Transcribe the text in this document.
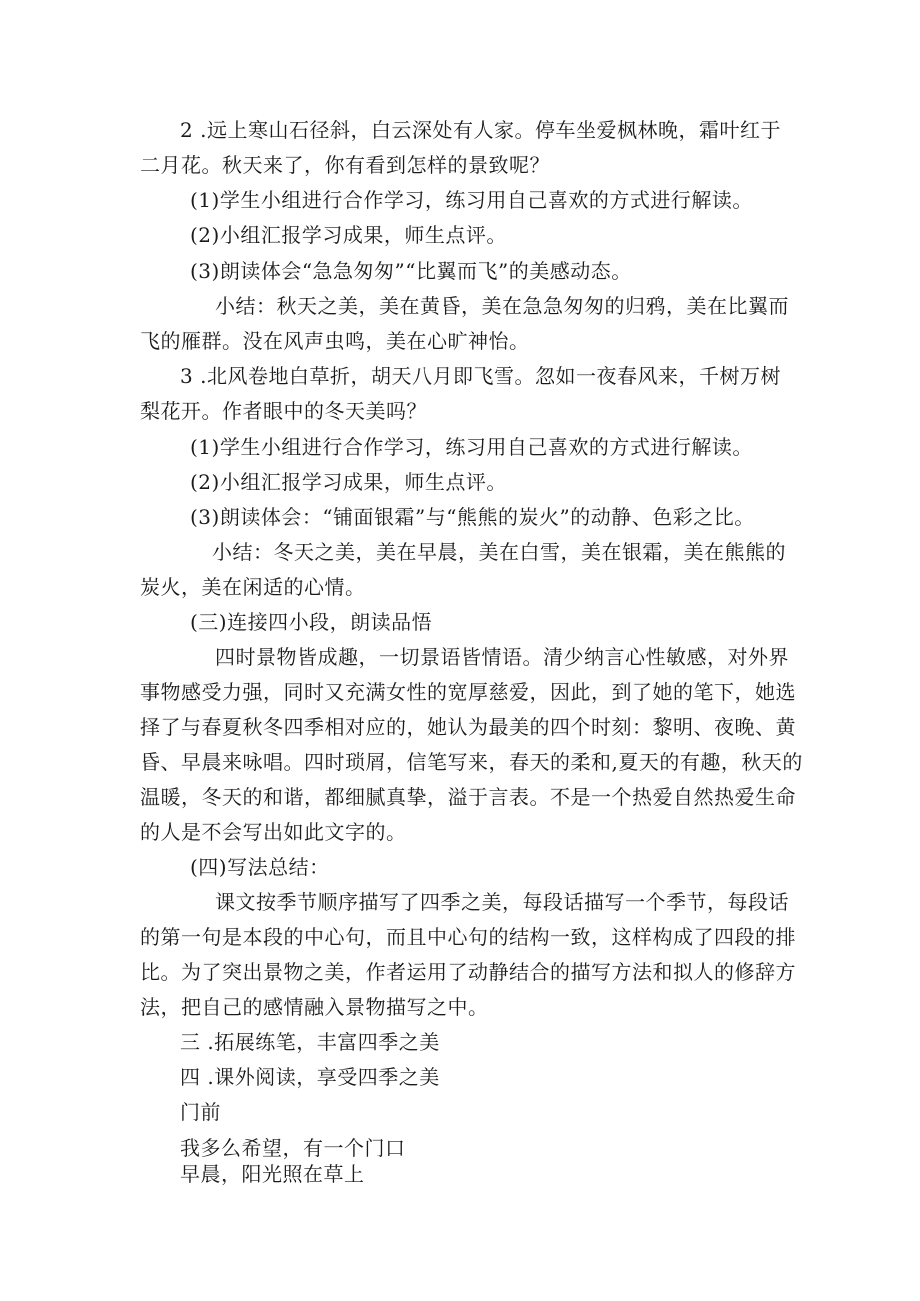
2 .远上寒山石径斜，白云深处有人家。停车坐爱枫林晚，霜叶红于
二月花。秋天来了，你有看到怎样的景致呢？
(1)学生小组进行合作学习，练习用自己喜欢的方式进行解读。
(2)小组汇报学习成果，师生点评。
(3)朗读体会“急急匆匆”“比翼而飞”的美感动态。
小结：秋天之美，美在黄昏，美在急急匆匆的归鸦，美在比翼而
飞的雁群。没在风声虫鸣，美在心旷神怡。
3 .北风卷地白草折，胡天八月即飞雪。忽如一夜春风来，千树万树
梨花开。作者眼中的冬天美吗？
(1)学生小组进行合作学习，练习用自己喜欢的方式进行解读。
(2)小组汇报学习成果，师生点评。
(3)朗读体会：“铺面银霜”与“熊熊的炭火”的动静、色彩之比。
小结：冬天之美，美在早晨，美在白雪，美在银霜，美在熊熊的
炭火，美在闲适的心情。
(三)连接四小段，朗读品悟
四时景物皆成趣，一切景语皆情语。清少纳言心性敏感，对外界
事物感受力强，同时又充满女性的宽厚慈爱，因此，到了她的笔下，她选
择了与春夏秋冬四季相对应的，她认为最美的四个时刻：黎明、夜晚、黄
昏、早晨来咏唱。四时琐屑，信笔写来，春天的柔和,夏天的有趣，秋天的
温暖，冬天的和谐，都细腻真挚，溢于言表。不是一个热爱自然热爱生命
的人是不会写出如此文字的。
(四)写法总结：
课文按季节顺序描写了四季之美，每段话描写一个季节，每段话
的第一句是本段的中心句，而且中心句的结构一致，这样构成了四段的排
比。为了突出景物之美，作者运用了动静结合的描写方法和拟人的修辞方
法，把自己的感情融入景物描写之中。
三 .拓展练笔，丰富四季之美
四 .课外阅读，享受四季之美
门前
我多么希望，有一个门口
早晨，阳光照在草上
